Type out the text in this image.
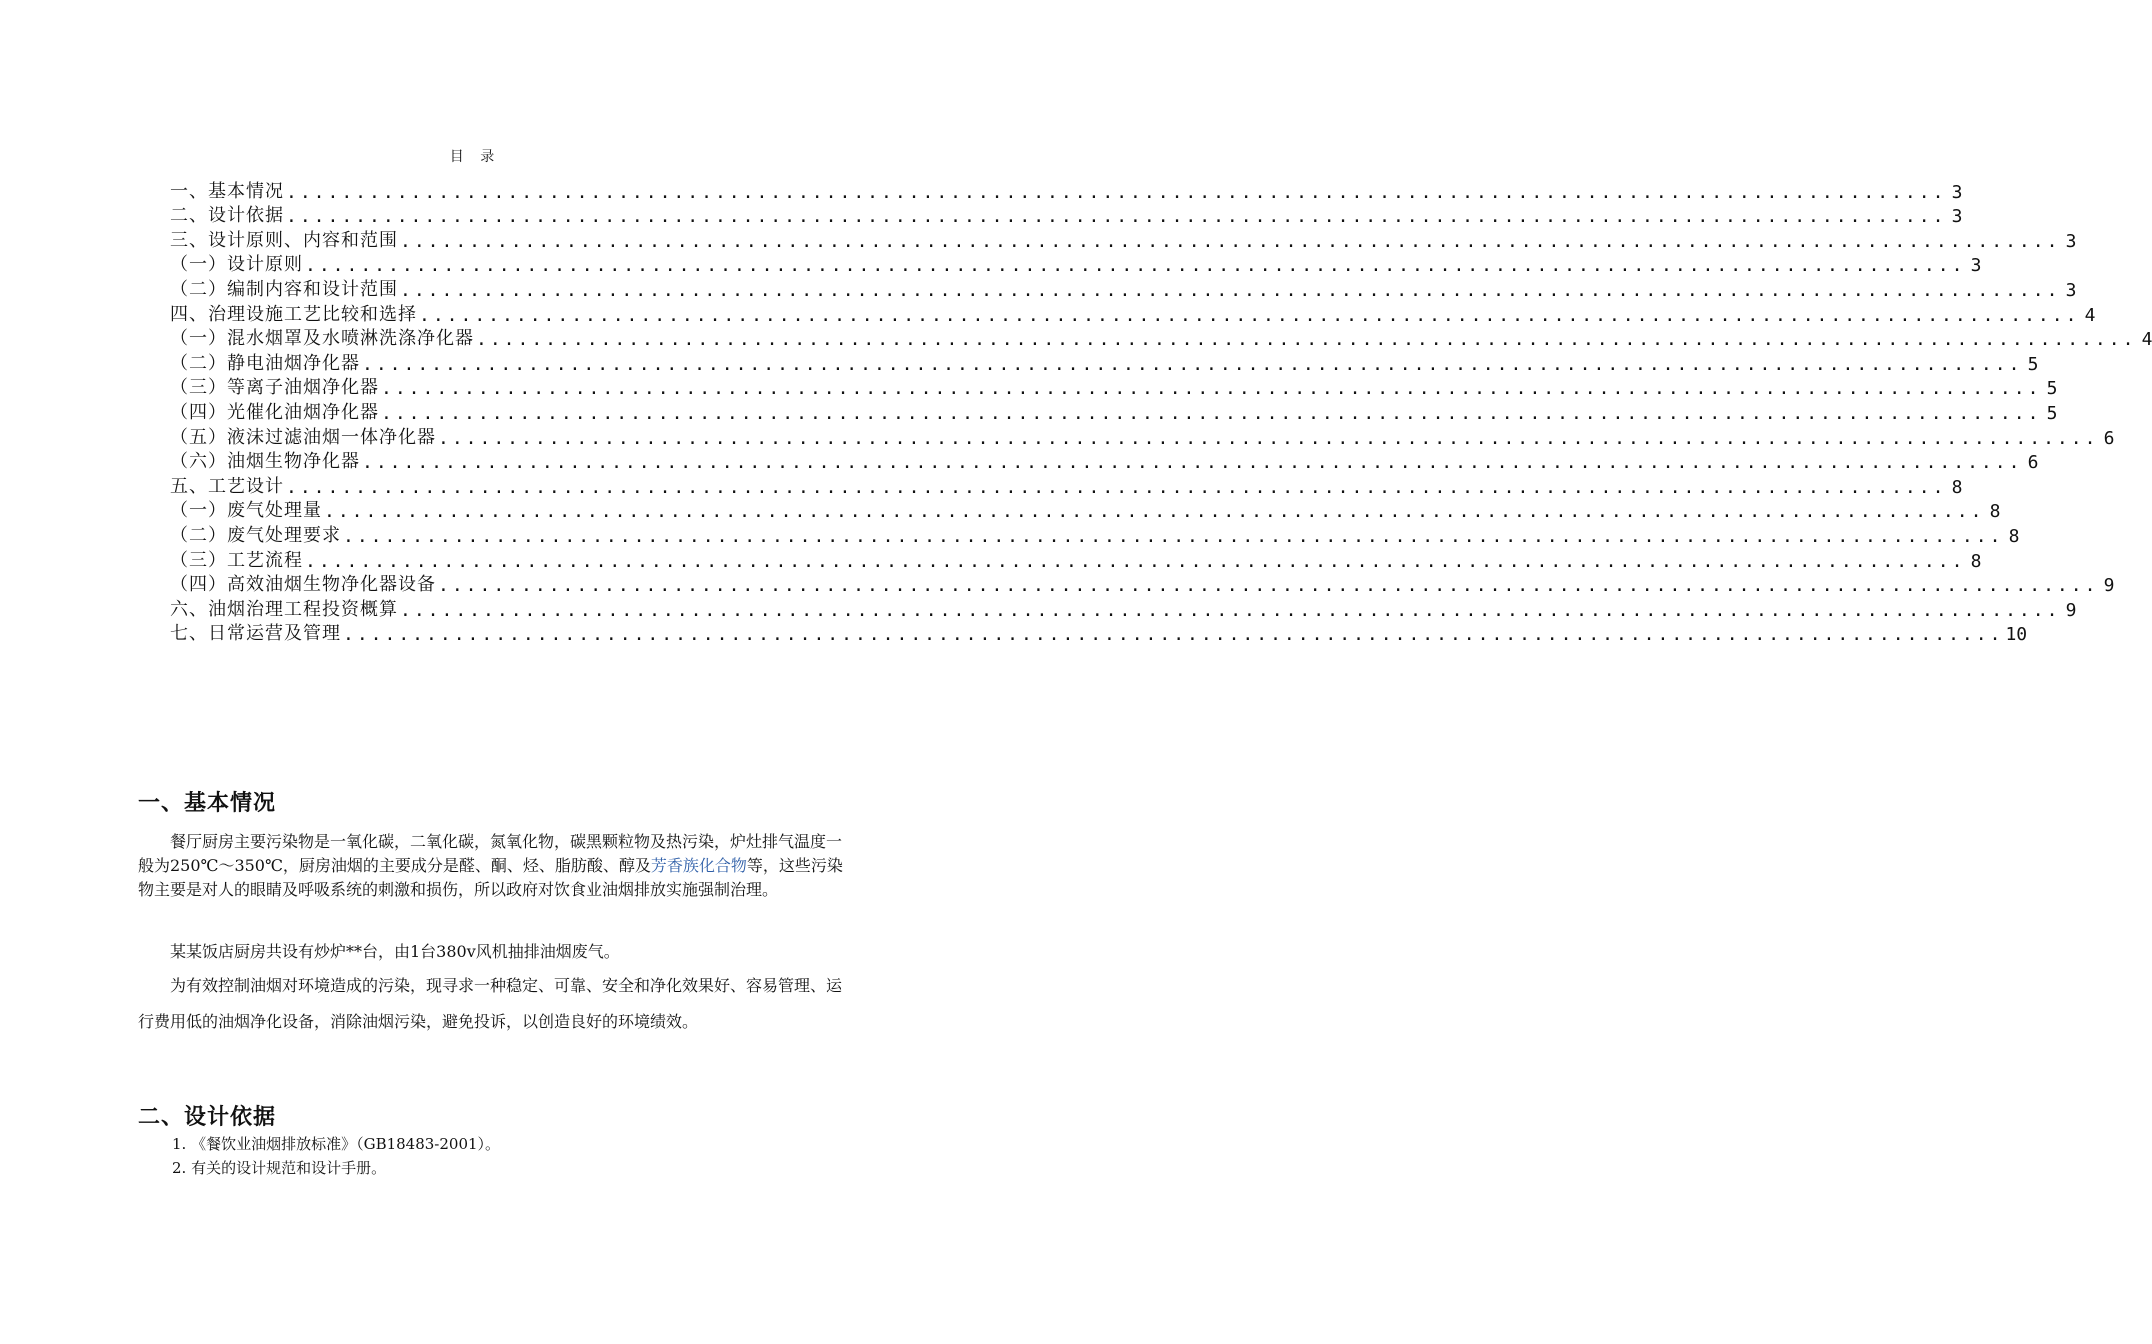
目 录
一、基本情况 ........................................................................................................................ 3
二、设计依据 ........................................................................................................................ 3
三、设计原则、内容和范围 ........................................................................................................................ 3
（一）设计原则 ........................................................................................................................ 3
（二）编制内容和设计范围 ........................................................................................................................ 3
四、治理设施工艺比较和选择 ........................................................................................................................ 4
（一）混水烟罩及水喷淋洗涤净化器 ........................................................................................................................ 4
（二）静电油烟净化器 ........................................................................................................................ 5
（三）等离子油烟净化器 ........................................................................................................................ 5
（四）光催化油烟净化器 ........................................................................................................................ 5
（五）液沫过滤油烟一体净化器 ........................................................................................................................ 6
（六）油烟生物净化器 ........................................................................................................................ 6
五、工艺设计 ........................................................................................................................ 8
（一）废气处理量 ........................................................................................................................ 8
（二）废气处理要求 ........................................................................................................................ 8
（三）工艺流程 ........................................................................................................................ 8
（四）高效油烟生物净化器设备 ........................................................................................................................ 9
六、油烟治理工程投资概算 ........................................................................................................................ 9
七、日常运营及管理 ........................................................................................................................ 10
一、基本情况
　　餐厅厨房主要污染物是一氧化碳，二氧化碳，氮氧化物，碳黑颗粒物及热污染，炉灶排气温度一般为250℃～350℃，厨房油烟的主要成分是醛、酮、烃、脂肪酸、醇及芳香族化合物等，这些污染物主要是对人的眼睛及呼吸系统的刺激和损伤，所以政府对饮食业油烟排放实施强制治理。
　　某某饭店厨房共设有炒炉**台，由1台380v风机抽排油烟废气。
　　为有效控制油烟对环境造成的污染，现寻求一种稳定、可靠、安全和净化效果好、容易管理、运行费用低的油烟净化设备，消除油烟污染，避免投诉，以创造良好的环境绩效。
二、设计依据
1. 《餐饮业油烟排放标准》（GB18483-2001）。
2. 有关的设计规范和设计手册。
